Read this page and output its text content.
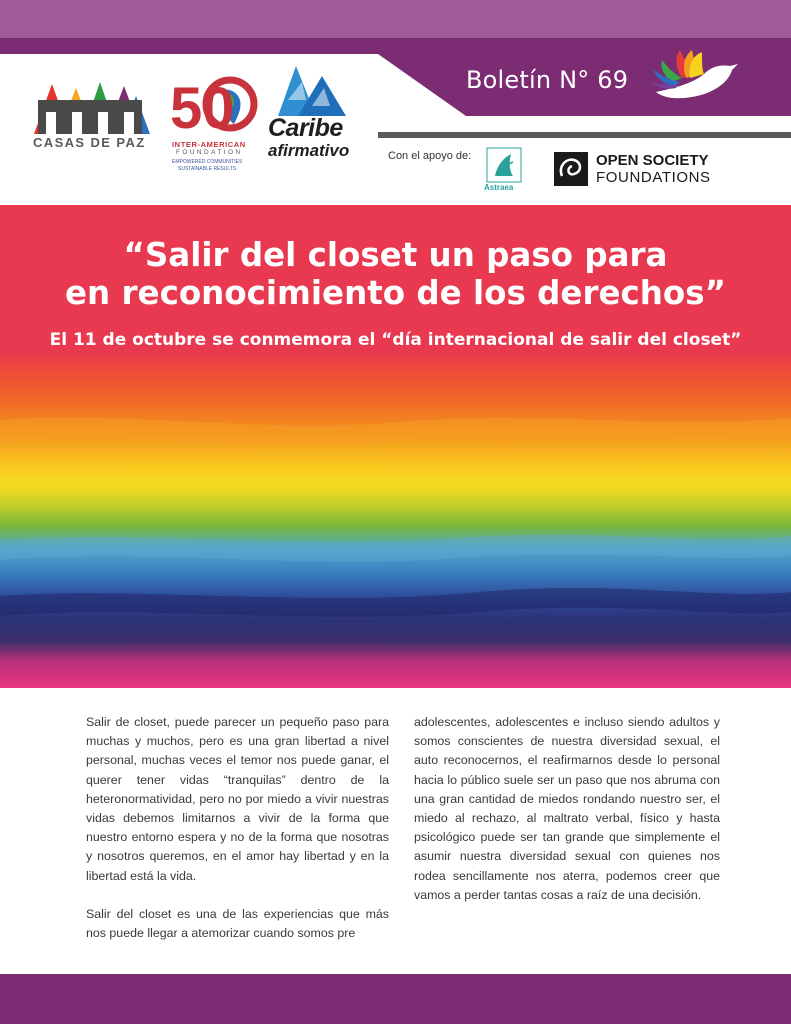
Boletín N° 69
CASAS DE PAZ
50
INTER-AMERICAN
FOUNDATION
EMPOWERED COMMUNITIES
SUSTAINABLE RESULTS
Caribe
afirmativo	Con el apoyo de:
Astraea
OPEN SOCIETY
FOUNDATIONS
“Salir del closet un paso para
en reconocimiento de los derechos”
El 11 de octubre se conmemora el “día internacional de salir del closet”

Salir de closet, puede parecer un pequeño paso para muchas y muchos, pero es una gran libertad a nivel personal, muchas veces el temor nos puede ganar, el querer tener vidas “tranquilas” dentro de la heteronormatividad, pero no por miedo a vivir nuestras vidas debemos limitarnos a vivir de la forma que nuestro entorno espera y no de la forma que nosotras y nosotros queremos, en el amor hay libertad y en la libertad está la vida.

Salir del closet es una de las experiencias que más nos puede llegar a atemorizar cuando somos pre

adolescentes, adolescentes e incluso siendo adultos y somos conscientes de nuestra diversidad sexual, el auto reconocernos, el reafirmarnos desde lo personal hacia lo público suele ser un paso que nos abruma con una gran cantidad de miedos rondando nuestro ser, el miedo al rechazo, al maltrato verbal, físico y hasta psicológico puede ser tan grande que simplemente el asumir nuestra diversidad sexual con quienes nos rodea sencillamente nos aterra, podemos creer que vamos a perder tantas cosas a raíz de una decisión.
